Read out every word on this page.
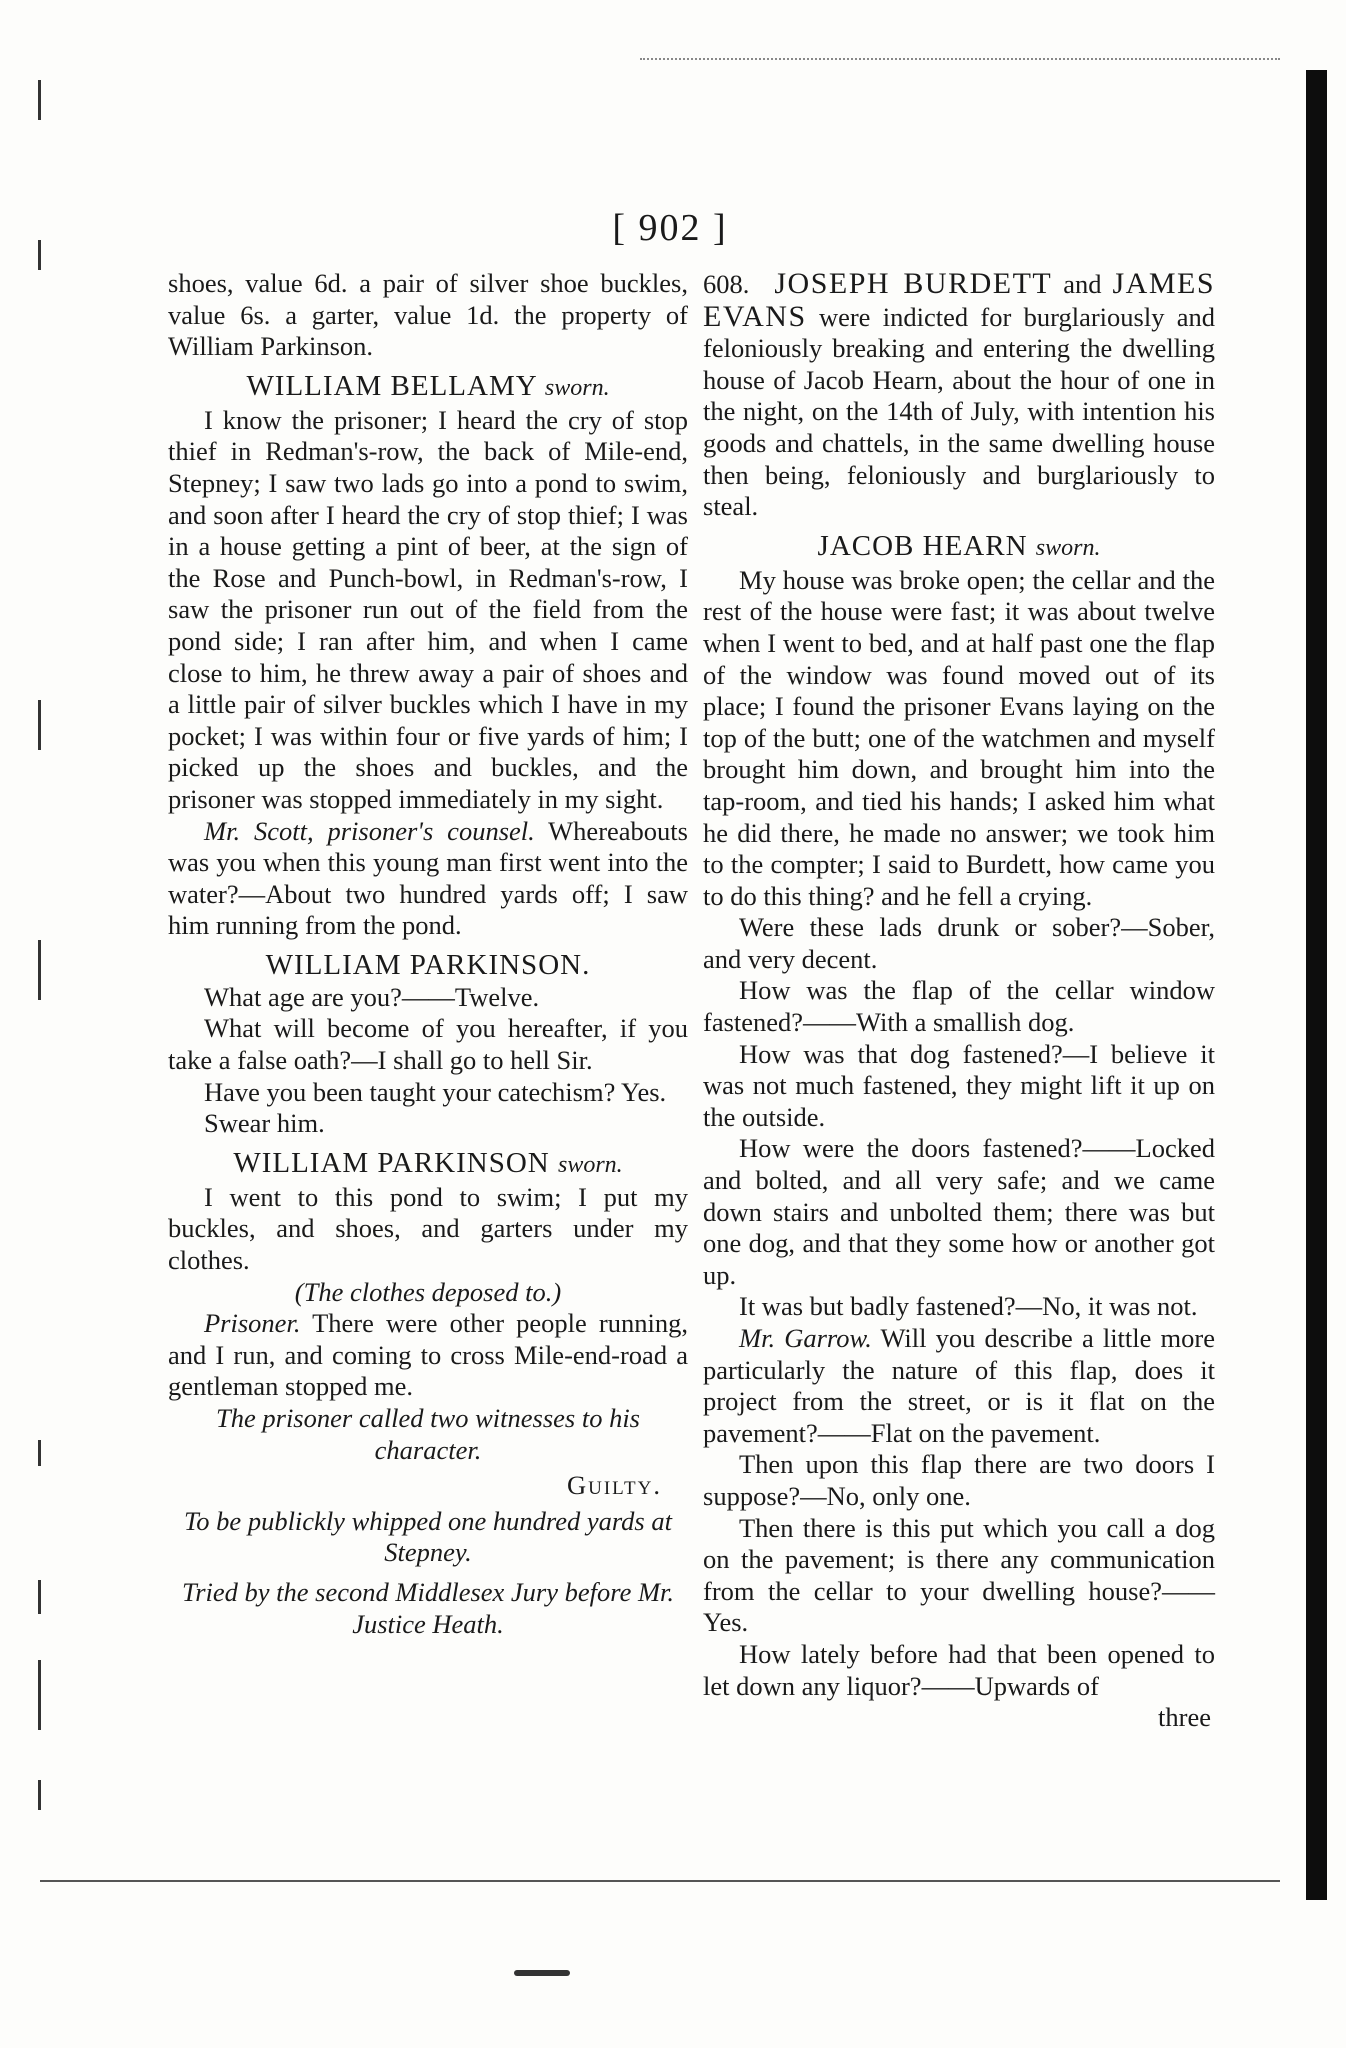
[ 902 ]

shoes, value 6d. a pair of silver shoe buckles, value 6s. a garter, value 1d. the property of William Parkinson.

WILLIAM BELLAMY sworn.

I know the prisoner; I heard the cry of stop thief in Redman's-row, the back of Mile-end, Stepney; I saw two lads go into a pond to swim, and soon after I heard the cry of stop thief; I was in a house getting a pint of beer, at the sign of the Rose and Punch-bowl, in Redman's-row, I saw the prisoner run out of the field from the pond side; I ran after him, and when I came close to him, he threw away a pair of shoes and a little pair of silver buckles which I have in my pocket; I was within four or five yards of him; I picked up the shoes and buckles, and the prisoner was stopped immediately in my sight.

Mr. Scott, prisoner's counsel. Whereabouts was you when this young man first went into the water?—About two hundred yards off; I saw him running from the pond.

WILLIAM PARKINSON.

What age are you?——Twelve.

What will become of you hereafter, if you take a false oath?—I shall go to hell Sir.

Have you been taught your catechism? Yes.

Swear him.

WILLIAM PARKINSON sworn.

I went to this pond to swim; I put my buckles, and shoes, and garters under my clothes.

(The clothes deposed to.)

Prisoner. There were other people running, and I run, and coming to cross Mile-end-road a gentleman stopped me.

The prisoner called two witnesses to his character.

Guilty.

To be publickly whipped one hundred yards at Stepney.

Tried by the second Middlesex Jury before Mr. Justice Heath.

608. JOSEPH BURDETT and JAMES EVANS were indicted for burglariously and feloniously breaking and entering the dwelling house of Jacob Hearn, about the hour of one in the night, on the 14th of July, with intention his goods and chattels, in the same dwelling house then being, feloniously and burglariously to steal.

JACOB HEARN sworn.

My house was broke open; the cellar and the rest of the house were fast; it was about twelve when I went to bed, and at half past one the flap of the window was found moved out of its place; I found the prisoner Evans laying on the top of the butt; one of the watchmen and myself brought him down, and brought him into the tap-room, and tied his hands; I asked him what he did there, he made no answer; we took him to the compter; I said to Burdett, how came you to do this thing? and he fell a crying.

Were these lads drunk or sober?—Sober, and very decent.

How was the flap of the cellar window fastened?——With a smallish dog.

How was that dog fastened?—I believe it was not much fastened, they might lift it up on the outside.

How were the doors fastened?——Locked and bolted, and all very safe; and we came down stairs and unbolted them; there was but one dog, and that they some how or another got up.

It was but badly fastened?—No, it was not.

Mr. Garrow. Will you describe a little more particularly the nature of this flap, does it project from the street, or is it flat on the pavement?——Flat on the pavement.

Then upon this flap there are two doors I suppose?—No, only one.

Then there is this put which you call a dog on the pavement; is there any communication from the cellar to your dwelling house?——Yes.

How lately before had that been opened to let down any liquor?——Upwards of

three
